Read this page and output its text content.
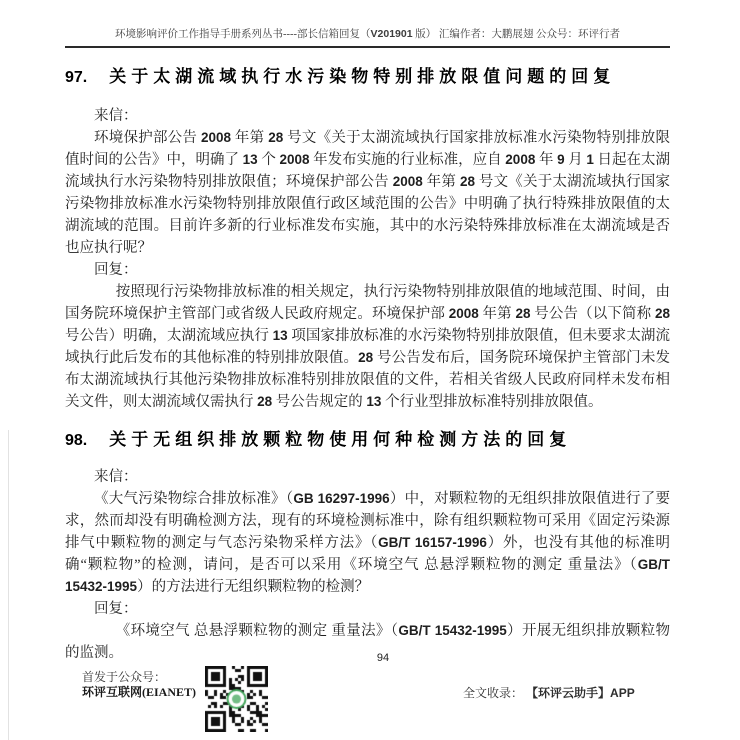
环境影响评价工作指导手册系列丛书----部长信箱回复（V201901 版） 汇编作者：大鹏展翅 公众号：环评行者
97. 关于太湖流域执行水污染物特别排放限值问题的回复

来信：

环境保护部公告 2008 年第 28 号文《关于太湖流域执行国家排放标准水污染物特别排放限值时间的公告》中，明确了 13 个 2008 年发布实施的行业标准，应自 2008 年 9 月 1 日起在太湖流域执行水污染物特别排放限值；环境保护部公告 2008 年第 28 号文《关于太湖流域执行国家污染物排放标准水污染物特别排放限值行政区域范围的公告》中明确了执行特殊排放限值的太湖流域的范围。目前许多新的行业标准发布实施，其中的水污染特殊排放标准在太湖流域是否也应执行呢？

回复：

按照现行污染物排放标准的相关规定，执行污染物特别排放限值的地域范围、时间，由国务院环境保护主管部门或省级人民政府规定。环境保护部 2008 年第 28 号公告（以下简称 28 号公告）明确，太湖流域应执行 13 项国家排放标准的水污染物特别排放限值，但未要求太湖流域执行此后发布的其他标准的特别排放限值。28 号公告发布后，国务院环境保护主管部门未发布太湖流域执行其他污染物排放标准特别排放限值的文件，若相关省级人民政府同样未发布相关文件，则太湖流域仅需执行 28 号公告规定的 13 个行业型排放标准特别排放限值。

98. 关于无组织排放颗粒物使用何种检测方法的回复

来信：

《大气污染物综合排放标准》（GB 16297-1996）中，对颗粒物的无组织排放限值进行了要求，然而却没有明确检测方法，现有的环境检测标准中，除有组织颗粒物可采用《固定污染源排气中颗粒物的测定与气态污染物采样方法》（GB/T 16157-1996）外，也没有其他的标准明确“颗粒物”的检测，请问，是否可以采用《环境空气 总悬浮颗粒物的测定 重量法》（GB/T 15432-1995）的方法进行无组织颗粒物的检测？

回复：

《环境空气 总悬浮颗粒物的测定 重量法》（GB/T 15432-1995）开展无组织排放颗粒物的监测。	94
首发于公众号：
环评互联网(EIANET)	全文收录： 【环评云助手】APP
